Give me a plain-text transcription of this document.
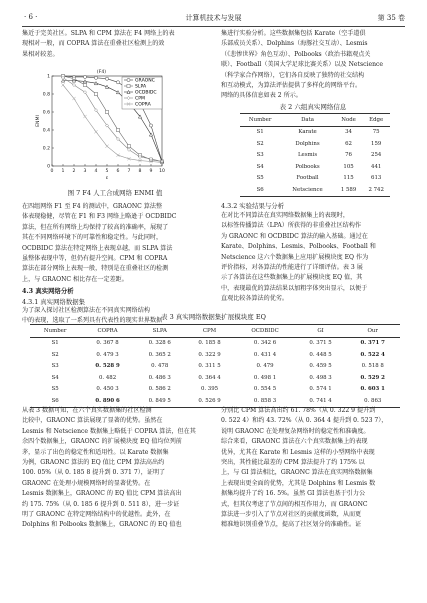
· 6 ·	计算机技术与发展	第 35 卷
集近于完美社区。SLPA 和 CPM 算法在 F4 网络上的表
现相对一般，而 COPRA 算法在重叠社区检测上的效
果相对较差。
0 1 2 3 4 5 6 7 8 9 10
0
0.2
0.4
0.6
0.8
1
ε
ENMI
(F4)
GRAONC
SLPA
OCDBIDC
CPM
COPRA
图 7 F4 人工合成网络 ENMI 值
在四组网络 F1 至 F4 的测试中，GRAONC 算法整
体表现稳健，尽管在 F1 和 F3 网络上略逊于 OCDBIDC
算法，但在所有网络上均保持了较高的准确率，展现了
其在不同网络环境下的可靠性和稳定性。与此同时，
OCDBIDC 算法在特定网络上表现卓越，而 SLPA 算法
虽整体表现中等，但仍有提升空间。CPM 和 COPRA
算法在部分网络上表现一般，特别是在重叠社区的检测
上，与 GRAONC 相比存在一定差距。
4.3 真实网络分析
4.3.1 真实网络数据集
为了深入探讨社区检测算法在不同真实网络结构
中的表现，选取了一系列具有代表性的现实世界数据
集进行实验分析。这些数据集包括 Karate（空手道俱
乐部成员关系）、Dolphins（海豚社交互动）、Lesmis
（《悲惨世界》角色互动）、Polbooks（政治书籍观点关
联）、Football（美国大学足球比赛关系）以及 Netscience
（科学家合作网络），它们各自反映了独特的社交结构
和互动模式，为算法评估提供了多样化的网络平台。
网络的具体信息如表 2 所示。
表 2 六组真实网络信息
Number	Data	Node	Edge
S1	Karate	34	75
S2	Dolphins	62	159
S3	Lesmis	76	254
S4	Polbooks	105	441
S5	Football	115	613
S6	Netscience	1 589	2 742
4.3.2 实验结果与分析
在对比不同算法在真实网络数据集上的表现时，
以标签传播算法（LPA）所获得的非重叠社区结构作
为 GRAONC 和 OCDBIDC 算法的输入基础。通过在
Karate、Dolphins、Lesmis、Polbooks、Football 和
Netscience 这六个数据集上应用扩展模块度 EQ 作为
评价指标，对各算法的性能进行了详细评估。表 3 展
示了各算法在这些数据集上的扩展模块度 EQ 值，其
中，表现最优的算法结果以加粗字体突出显示，以便于
直观比较各算法的优劣。
表 3 真实网络数据集扩展模块度 EQ
Number	COPRA	SLPA	CPM	OCDBIDC	GI	Our
S1	0. 367 8	0. 328 6	0. 185 8	0. 342 6	0. 371 5	0. 371 7
S2	0. 479 3	0. 365 2	0. 322 9	0. 431 4	0. 448 5	0. 522 4
S3	0. 528 9	0. 478	0. 311 5	0. 479	0. 459 5	0. 518 8
S4	0. 482	0. 486 3	0. 364 4	0. 498 1	0. 498 3	0. 529 2
S5	0. 450 3	0. 586 2	0. 395	0. 554 5	0. 574 1	0. 603 1
S6	0. 890 6	0. 849 5	0. 526 9	0. 858 3	0. 741 4	0. 863
从表 3 数据可知，在六个真实数据集的社区检测
比较中，GRAONC 算法展现了显著的优势。虽然在
Lesmis 和 Netscience 数据集上略低于 COPRA 算法，但在其
余四个数据集上，GRAONC 的扩展模块度 EQ 值均位列前
茅，显示了出色的稳定性和适用性。以 Karate 数据集
为例，GRAONC 算法的 EQ 值比 CPM 算法高出约
100. 05%（从 0. 185 8 提升到 0. 371 7），证明了
GRAONC 在处理小规模网络时的显著优势。在
Lesmis 数据集上，GRAONC 的 EQ 值比 CPM 算法高出
约 175. 75%（从 0. 185 6 提升到 0. 511 8），进一步证
明了 GRAONC 在特定网络结构中的优越性。此外，在
Dolphins 和 Polbooks 数据集上，GRAONC 的 EQ 值也
分别比 CPM 算法高出约 61. 78%（从 0. 322 9 提升到
0. 522 4）和约 43. 72%（从 0. 364 4 提升到 0. 523 7），
说明 GRAONC 在处理复杂网络时的稳定性和准确度。
综合来看，GRAONC 算法在六个真实数据集上的表现
优异，尤其在 Karate 和 Lesmis 这样的小型网络中表现
突出，其性能比最差的 CPM 算法提升了约 175% 以
上，与 GI 算法相比，GRAONC 算法在真实网络数据集
上表现出更全面的优势，尤其是 Dolphins 和 Lesmis 数
据集均提升了约 16. 5%。虽然 GI 算法也基于引力公
式，但其仅考虑了节点间的相互作用力，而 GRAONC
算法进一步引入了节点对社区的贡献度函数，从而更
精准地识别重叠节点，提高了社区划分的准确性。证
